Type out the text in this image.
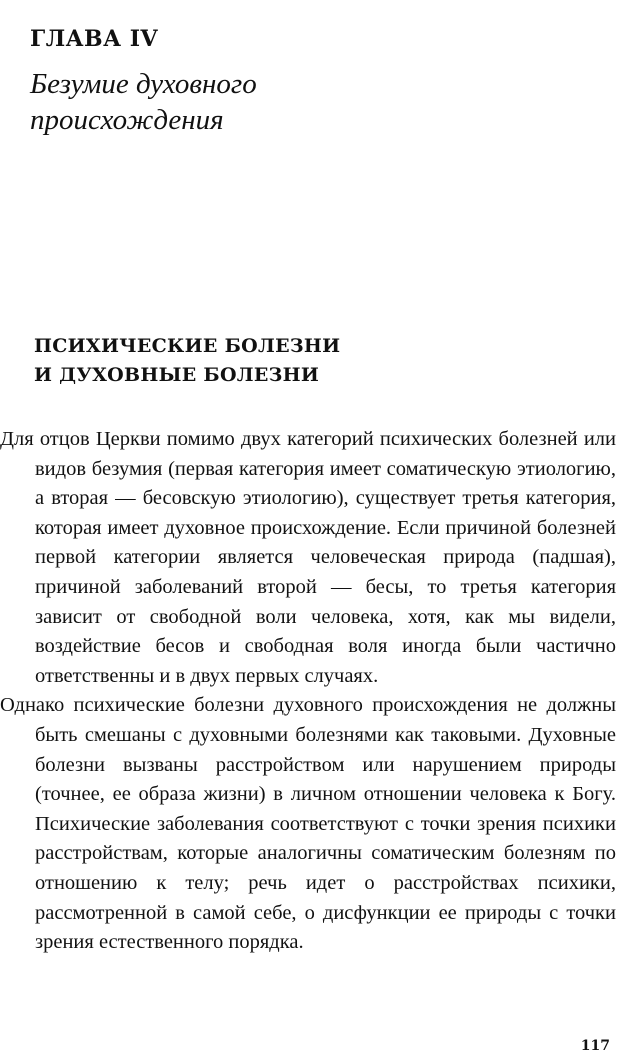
ГЛАВА IV
Безумие духовного происхождения
ПСИХИЧЕСКИЕ БОЛЕЗНИ
И ДУХОВНЫЕ БОЛЕЗНИ

Для отцов Церкви помимо двух категорий психических болезней или видов безумия (первая категория имеет соматическую этиологию, а вторая — бесовскую этиологию), существует третья категория, которая имеет духовное происхождение. Если причиной болезней первой категории является человеческая природа (падшая), причиной заболеваний второй — бесы, то третья категория зависит от свободной воли человека, хотя, как мы видели, воздействие бесов и свободная воля иногда были частично ответственны и в двух первых случаях.

Однако психические болезни духовного происхождения не должны быть смешаны с духовными болезнями как таковыми. Духовные болезни вызваны расстройством или нарушением природы (точнее, ее образа жизни) в личном отношении человека к Богу. Психические заболевания соответствуют с точки зрения психики расстройствам, которые аналогичны соматическим болезням по отношению к телу; речь идет о расстройствах психики, рассмотренной в самой себе, о дисфункции ее природы с точки зрения естественного порядка.

117
